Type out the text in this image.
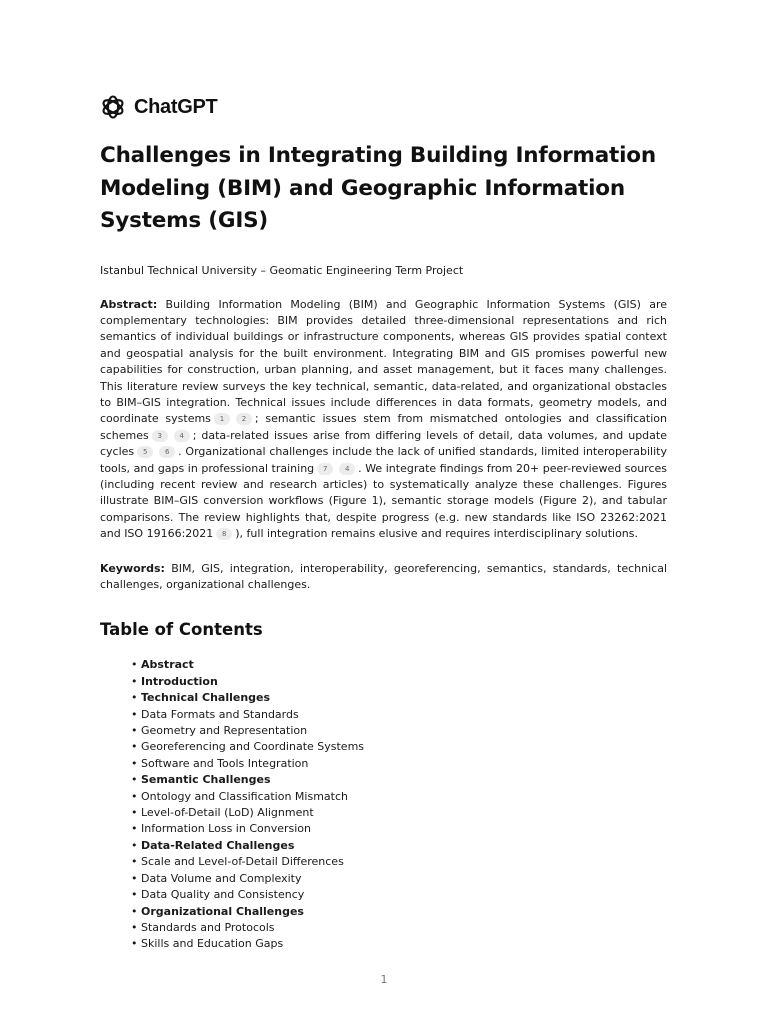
ChatGPT
Challenges in Integrating Building Information Modeling (BIM) and Geographic Information Systems (GIS)
Istanbul Technical University – Geomatic Engineering Term Project

Abstract: Building Information Modeling (BIM) and Geographic Information Systems (GIS) are complementary technologies: BIM provides detailed three-dimensional representations and rich semantics of individual buildings or infrastructure components, whereas GIS provides spatial context and geospatial analysis for the built environment. Integrating BIM and GIS promises powerful new capabilities for construction, urban planning, and asset management, but it faces many challenges. This literature review surveys the key technical, semantic, data-related, and organizational obstacles to BIM–GIS integration. Technical issues include differences in data formats, geometry models, and coordinate systems 1	2 ; semantic issues stem from mismatched ontologies and classification schemes 3	4 ; data-related issues arise from differing levels of detail, data volumes, and update cycles 5	6 . Organizational challenges include the lack of unified standards, limited interoperability tools, and gaps in professional training 7	4 . We integrate findings from 20+ peer-reviewed sources (including recent review and research articles) to systematically analyze these challenges. Figures illustrate BIM–GIS conversion workflows (Figure 1), semantic storage models (Figure 2), and tabular comparisons. The review highlights that, despite progress (e.g. new standards like ISO 23262:2021 and ISO 19166:2021 8 ), full integration remains elusive and requires interdisciplinary solutions.

Keywords: BIM, GIS, integration, interoperability, georeferencing, semantics, standards, technical challenges, organizational challenges.

Table of Contents
• Abstract
• Introduction
• Technical Challenges
• Data Formats and Standards
• Geometry and Representation
• Georeferencing and Coordinate Systems
• Software and Tools Integration
• Semantic Challenges
• Ontology and Classification Mismatch
• Level-of-Detail (LoD) Alignment
• Information Loss in Conversion
• Data-Related Challenges
• Scale and Level-of-Detail Differences
• Data Volume and Complexity
• Data Quality and Consistency
• Organizational Challenges
• Standards and Protocols
• Skills and Education Gaps
1
